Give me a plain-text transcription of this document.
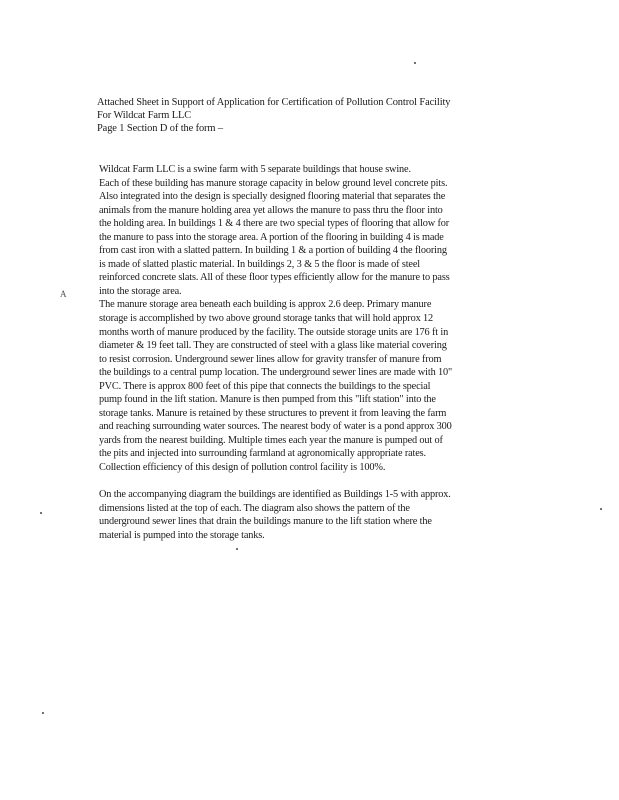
A
Attached Sheet in Support of Application for Certification of Pollution Control Facility
For Wildcat Farm LLC
Page 1 Section D of the form –
Wildcat Farm LLC is a swine farm with 5 separate buildings that house swine.
Each of these building has manure storage capacity in below ground level concrete pits.
Also integrated into the design is specially designed flooring material that separates the
animals from the manure holding area yet allows the manure to pass thru the floor into
the holding area. In buildings 1 & 4 there are two special types of flooring that allow for
the manure to pass into the storage area. A portion of the flooring in building 4 is made
from cast iron with a slatted pattern. In building 1 & a portion of building 4 the flooring
is made of slatted plastic material. In buildings 2, 3 & 5 the floor is made of steel
reinforced concrete slats. All of these floor types efficiently allow for the manure to pass
into the storage area.
The manure storage area beneath each building is approx 2.6 deep. Primary manure
storage is accomplished by two above ground storage tanks that will hold approx 12
months worth of manure produced by the facility. The outside storage units are 176 ft in
diameter & 19 feet tall. They are constructed of steel with a glass like material covering
to resist corrosion. Underground sewer lines allow for gravity transfer of manure from
the buildings to a central pump location. The underground sewer lines are made with 10"
PVC. There is approx 800 feet of this pipe that connects the buildings to the special
pump found in the lift station. Manure is then pumped from this "lift station" into the
storage tanks. Manure is retained by these structures to prevent it from leaving the farm
and reaching surrounding water sources. The nearest body of water is a pond approx 300
yards from the nearest building. Multiple times each year the manure is pumped out of
the pits and injected into surrounding farmland at agronomically appropriate rates.
Collection efficiency of this design of pollution control facility is 100%.
On the accompanying diagram the buildings are identified as Buildings 1-5 with approx.
dimensions listed at the top of each. The diagram also shows the pattern of the
underground sewer lines that drain the buildings manure to the lift station where the
material is pumped into the storage tanks.
